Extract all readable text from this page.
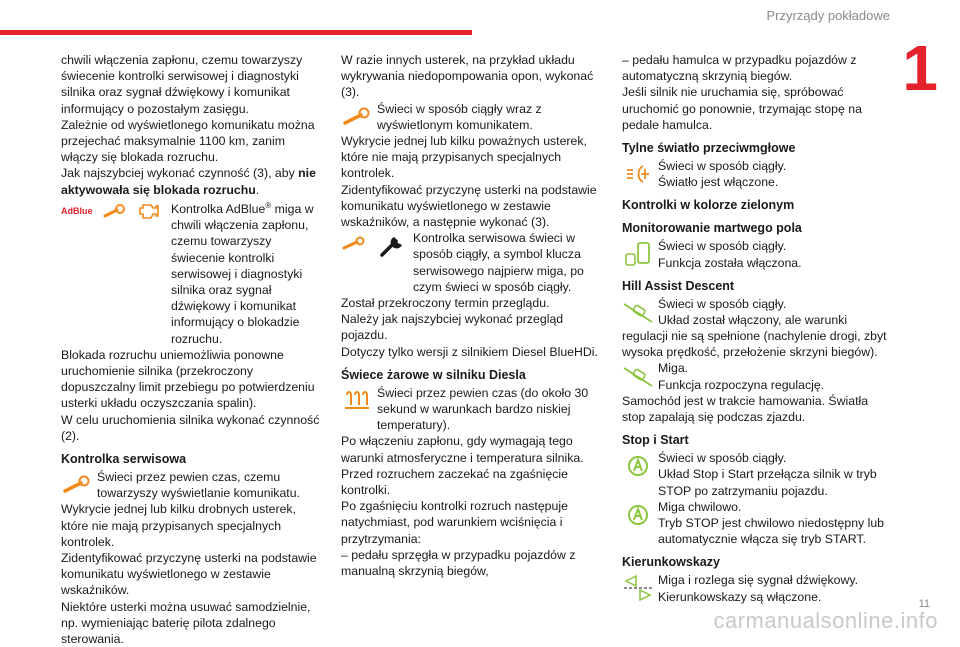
Przyrządy pokładowe
1

chwili włączenia zapłonu, czemu towarzyszy świecenie kontrolki serwisowej i diagnostyki silnika oraz sygnał dźwiękowy i komunikat informujący o pozostałym zasięgu.

Zależnie od wyświetlonego komunikatu można przejechać maksymalnie 1100 km, zanim włączy się blokada rozruchu.

Jak najszybciej wykonać czynność (3), aby nie aktywowała się blokada rozruchu.

AdBlue	Kontrolka AdBlue® miga w chwili włączenia zapłonu, czemu towarzyszy świecenie kontrolki serwisowej i diagnostyki silnika oraz sygnał dźwiękowy i komunikat informujący o blokadzie rozruchu.

Blokada rozruchu uniemożliwia ponowne uruchomienie silnika (przekroczony dopuszczalny limit przebiegu po potwierdzeniu usterki układu oczyszczania spalin).

W celu uruchomienia silnika wykonać czynność (2).

Kontrolka serwisowa
Świeci przez pewien czas, czemu towarzyszy wyświetlanie komunikatu.

Wykrycie jednej lub kilku drobnych usterek, które nie mają przypisanych specjalnych kontrolek.

Zidentyfikować przyczynę usterki na podstawie komunikatu wyświetlonego w zestawie wskaźników.

Niektóre usterki można usuwać samodzielnie, np. wymieniając baterię pilota zdalnego sterowania.

W razie innych usterek, na przykład układu wykrywania niedopompowania opon, wykonać (3).

Świeci w sposób ciągły wraz z wyświetlonym komunikatem.

Wykrycie jednej lub kilku poważnych usterek, które nie mają przypisanych specjalnych kontrolek.

Zidentyfikować przyczynę usterki na podstawie komunikatu wyświetlonego w zestawie wskaźników, a następnie wykonać (3).

Kontrolka serwisowa świeci w sposób ciągły, a symbol klucza serwisowego najpierw miga, po czym świeci w sposób ciągły.

Został przekroczony termin przeglądu.

Należy jak najszybciej wykonać przegląd pojazdu.

Dotyczy tylko wersji z silnikiem Diesel BlueHDi.

Świece żarowe w silniku Diesla
Świeci przez pewien czas (do około 30 sekund w warunkach bardzo niskiej temperatury).

Po włączeniu zapłonu, gdy wymagają tego warunki atmosferyczne i temperatura silnika.

Przed rozruchem zaczekać na zgaśnięcie kontrolki.

Po zgaśnięciu kontrolki rozruch następuje natychmiast, pod warunkiem wciśnięcia i przytrzymania:

– pedału sprzęgła w przypadku pojazdów z manualną skrzynią biegów,

– pedału hamulca w przypadku pojazdów z automatyczną skrzynią biegów.

Jeśli silnik nie uruchamia się, spróbować uruchomić go ponownie, trzymając stopę na pedale hamulca.

Tylne światło przeciwmgłowe
Świeci w sposób ciągły.
Światło jest włączone.
Kontrolki w kolorze zielonym
Monitorowanie martwego pola
Świeci w sposób ciągły.
Funkcja została włączona.
Hill Assist Descent
Świeci w sposób ciągły.

Układ został włączony, ale warunki regulacji nie są spełnione (nachylenie drogi, zbyt wysoka prędkość, przełożenie skrzyni biegów).

Miga.
Funkcja rozpoczyna regulację.

Samochód jest w trakcie hamowania. Światła stop zapalają się podczas zjazdu.

Stop i Start
Świeci w sposób ciągły.
Układ Stop i Start przełącza silnik w tryb STOP po zatrzymaniu pojazdu.
Miga chwilowo.
Tryb STOP jest chwilowo niedostępny lub automatycznie włącza się tryb START.
Kierunkowskazy
Miga i rozlega się sygnał dźwiękowy.
Kierunkowskazy są włączone.
11
carmanualsonline.info
